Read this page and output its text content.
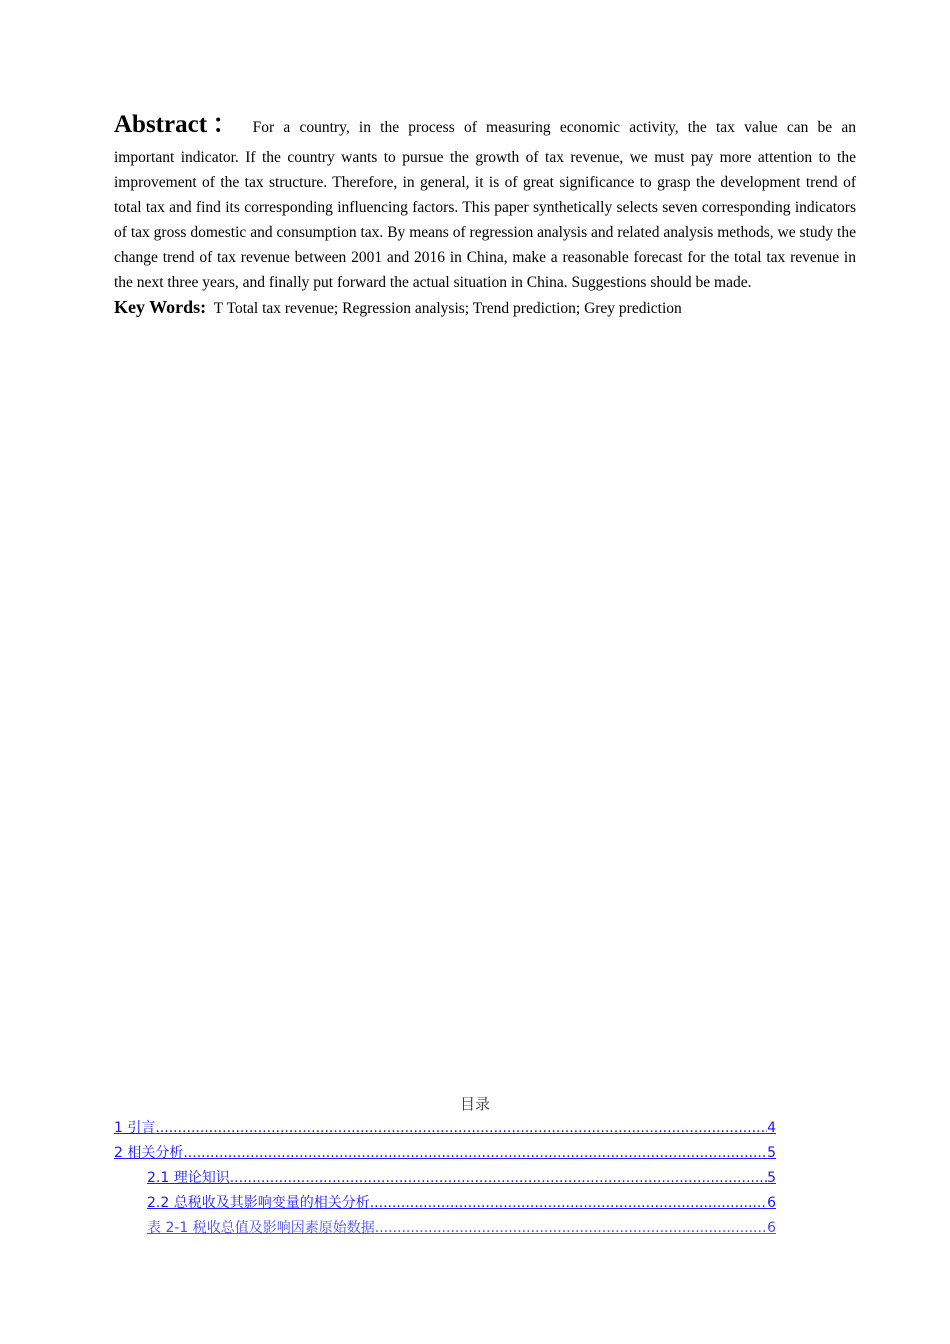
Abstract： For a country, in the process of measuring economic activity, the tax value can be an
important indicator. If the country wants to pursue the growth of tax revenue, we must pay more attention to the improvement of the tax structure. Therefore, in general, it is of great significance to grasp the development trend of total tax and find its corresponding influencing factors. This paper synthetically selects seven corresponding indicators of tax gross domestic and consumption tax. By means of regression analysis and related analysis methods, we study the change trend of tax revenue between 2001 and 2016 in China, make a reasonable forecast for the total tax revenue in the next three years, and finally put forward the actual situation in China. Suggestions should be made.
Key Words: T Total tax revenue; Regression analysis; Trend prediction; Grey prediction
目录
1 引言 .....	4
2 相关分析 .....	5
2.1 理论知识 .....	5
2.2 总税收及其影响变量的相关分析 .....	6
表 2-1 税收总值及影响因素原始数据 .....	6
